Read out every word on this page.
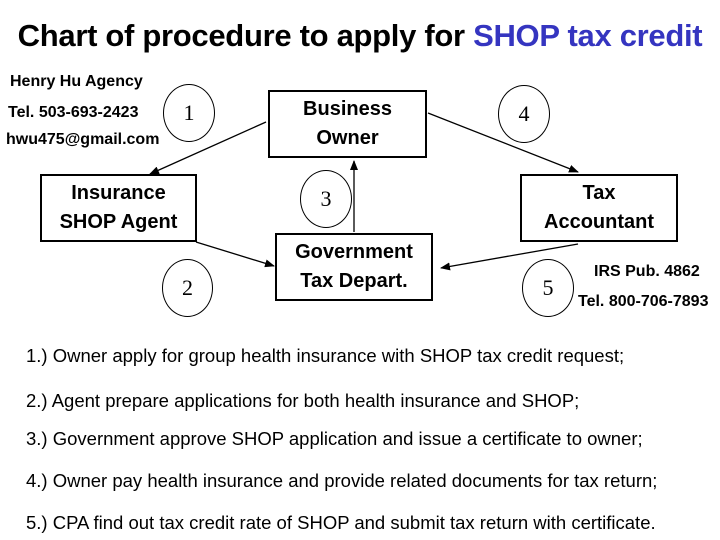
Chart of procedure to apply for SHOP tax credit
Henry Hu Agency
Tel. 503-693-2423
hwu475@gmail.com
IRS Pub. 4862
Tel. 800-706-7893
Business
Owner
Insurance
SHOP Agent
Tax
Accountant
Government
Tax Depart.
1
2
3
4
5
1.) Owner apply for group health insurance with SHOP tax credit request;
2.) Agent prepare applications for both health insurance and SHOP;
3.) Government approve SHOP application and issue a certificate to owner;
4.) Owner pay health insurance and provide related documents for tax return;
5.) CPA find out tax credit rate of SHOP and submit tax return with certificate.
